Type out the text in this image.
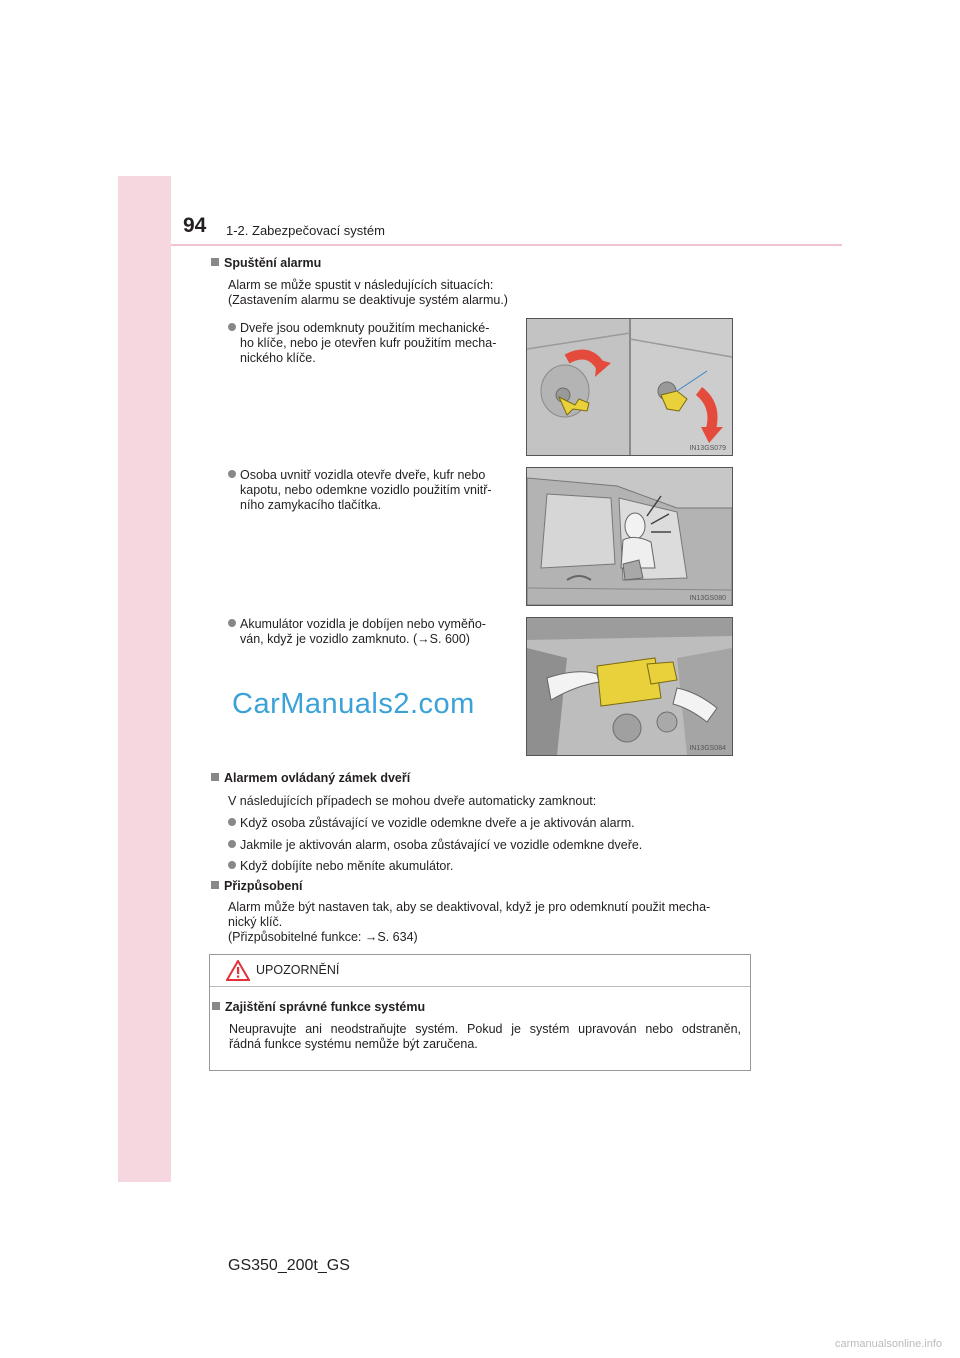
94 1-2. Zabezpečovací systém
Spuštění alarmu
Alarm se může spustit v následujících situacích:
(Zastavením alarmu se deaktivuje systém alarmu.)
Dveře jsou odemknuty použitím mechanické-
ho klíče, nebo je otevřen kufr použitím mecha-
nického klíče.
IN13GS079
Osoba uvnitř vozidla otevře dveře, kufr nebo
kapotu, nebo odemkne vozidlo použitím vnitř-
ního zamykacího tlačítka.
IN13GS080
Akumulátor vozidla je dobíjen nebo vyměňo-
ván, když je vozidlo zamknuto. (→S. 600)
IN13GS084
CarManuals2.com
Alarmem ovládaný zámek dveří
V následujících případech se mohou dveře automaticky zamknout:
Když osoba zůstávající ve vozidle odemkne dveře a je aktivován alarm.
Jakmile je aktivován alarm, osoba zůstávající ve vozidle odemkne dveře.
Když dobíjíte nebo měníte akumulátor.
Přizpůsobení
Alarm může být nastaven tak, aby se deaktivoval, když je pro odemknutí použit mecha-
nický klíč.
(Přizpůsobitelné funkce: →S. 634)
UPOZORNĚNÍ
Zajištění správné funkce systému
Neupravujte ani neodstraňujte systém. Pokud je systém upravován nebo odstraněn,
řádná funkce systému nemůže být zaručena.
GS350_200t_GS
carmanualsonline.info
